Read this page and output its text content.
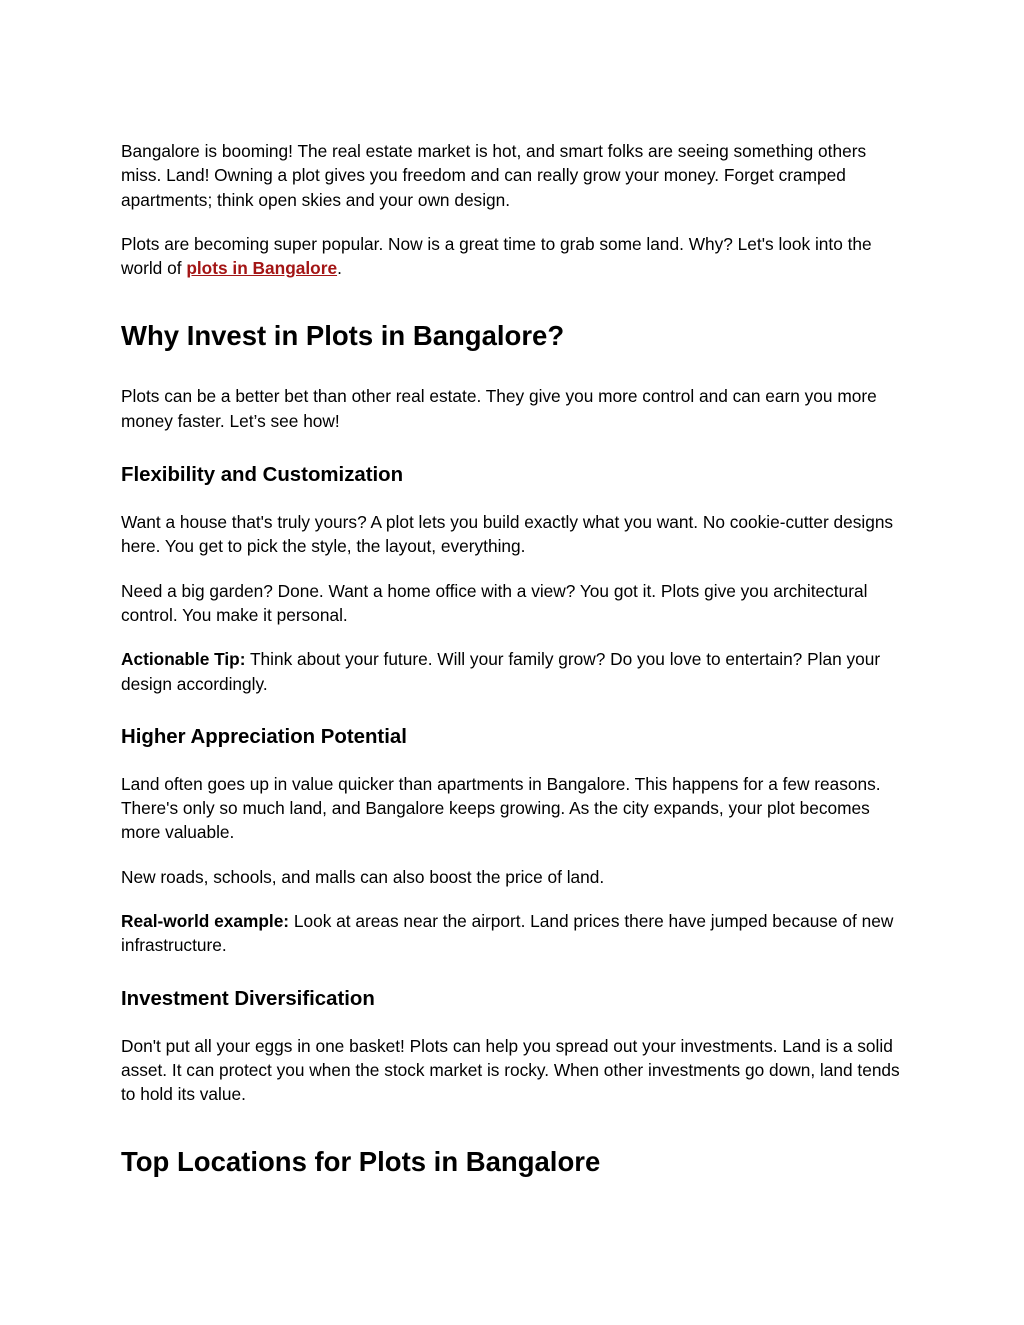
Bangalore is booming! The real estate market is hot, and smart folks are seeing something others miss. Land! Owning a plot gives you freedom and can really grow your money. Forget cramped apartments; think open skies and your own design.

Plots are becoming super popular. Now is a great time to grab some land. Why? Let's look into the world of plots in Bangalore.

Why Invest in Plots in Bangalore?

Plots can be a better bet than other real estate. They give you more control and can earn you more money faster. Let’s see how!

Flexibility and Customization

Want a house that's truly yours? A plot lets you build exactly what you want. No cookie-cutter designs here. You get to pick the style, the layout, everything.

Need a big garden? Done. Want a home office with a view? You got it. Plots give you architectural control. You make it personal.

Actionable Tip: Think about your future. Will your family grow? Do you love to entertain? Plan your design accordingly.

Higher Appreciation Potential

Land often goes up in value quicker than apartments in Bangalore. This happens for a few reasons. There's only so much land, and Bangalore keeps growing. As the city expands, your plot becomes more valuable.

New roads, schools, and malls can also boost the price of land.

Real-world example: Look at areas near the airport. Land prices there have jumped because of new infrastructure.

Investment Diversification

Don't put all your eggs in one basket! Plots can help you spread out your investments. Land is a solid asset. It can protect you when the stock market is rocky. When other investments go down, land tends to hold its value.

Top Locations for Plots in Bangalore
